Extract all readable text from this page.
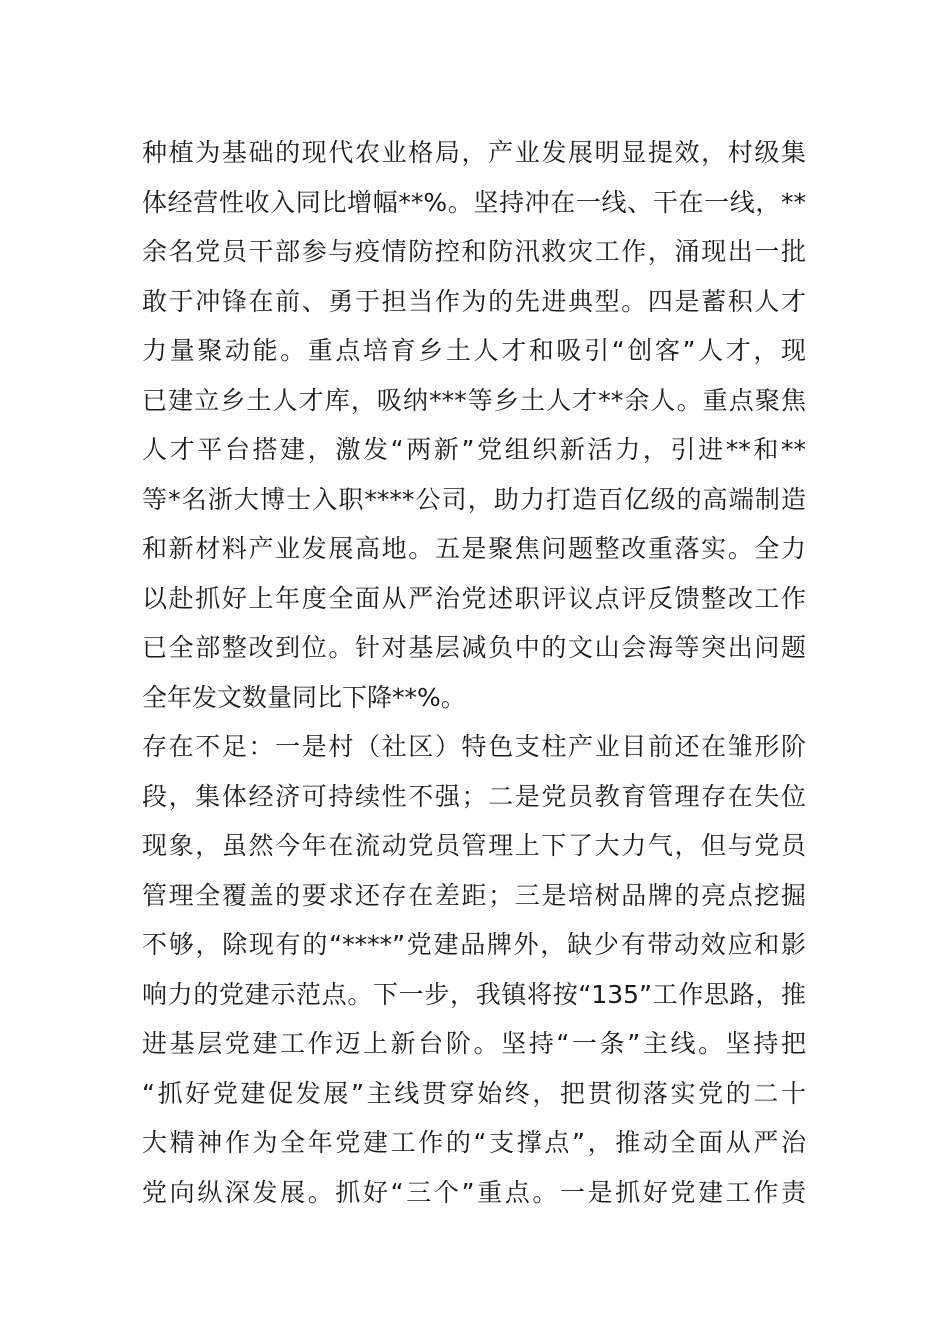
种植为基础的现代农业格局，产业发展明显提效，村级集
体经营性收入同比增幅**%。坚持冲在一线、干在一线，**
余名党员干部参与疫情防控和防汛救灾工作，涌现出一批
敢于冲锋在前、勇于担当作为的先进典型。四是蓄积人才
力量聚动能。重点培育乡土人才和吸引“创客”人才，现
已建立乡土人才库，吸纳***等乡土人才**余人。重点聚焦
人才平台搭建，激发“两新”党组织新活力，引进**和**
等*名浙大博士入职****公司，助力打造百亿级的高端制造
和新材料产业发展高地。五是聚焦问题整改重落实。全力
以赴抓好上年度全面从严治党述职评议点评反馈整改工作
已全部整改到位。针对基层减负中的文山会海等突出问题
全年发文数量同比下降**%。
存在不足：一是村（社区）特色支柱产业目前还在雏形阶
段，集体经济可持续性不强；二是党员教育管理存在失位
现象，虽然今年在流动党员管理上下了大力气，但与党员
管理全覆盖的要求还存在差距；三是培树品牌的亮点挖掘
不够，除现有的“****”党建品牌外，缺少有带动效应和影
响力的党建示范点。下一步，我镇将按“135”工作思路，推
进基层党建工作迈上新台阶。坚持“一条”主线。坚持把
“抓好党建促发展”主线贯穿始终，把贯彻落实党的二十
大精神作为全年党建工作的“支撑点”，推动全面从严治
党向纵深发展。抓好“三个”重点。一是抓好党建工作责
